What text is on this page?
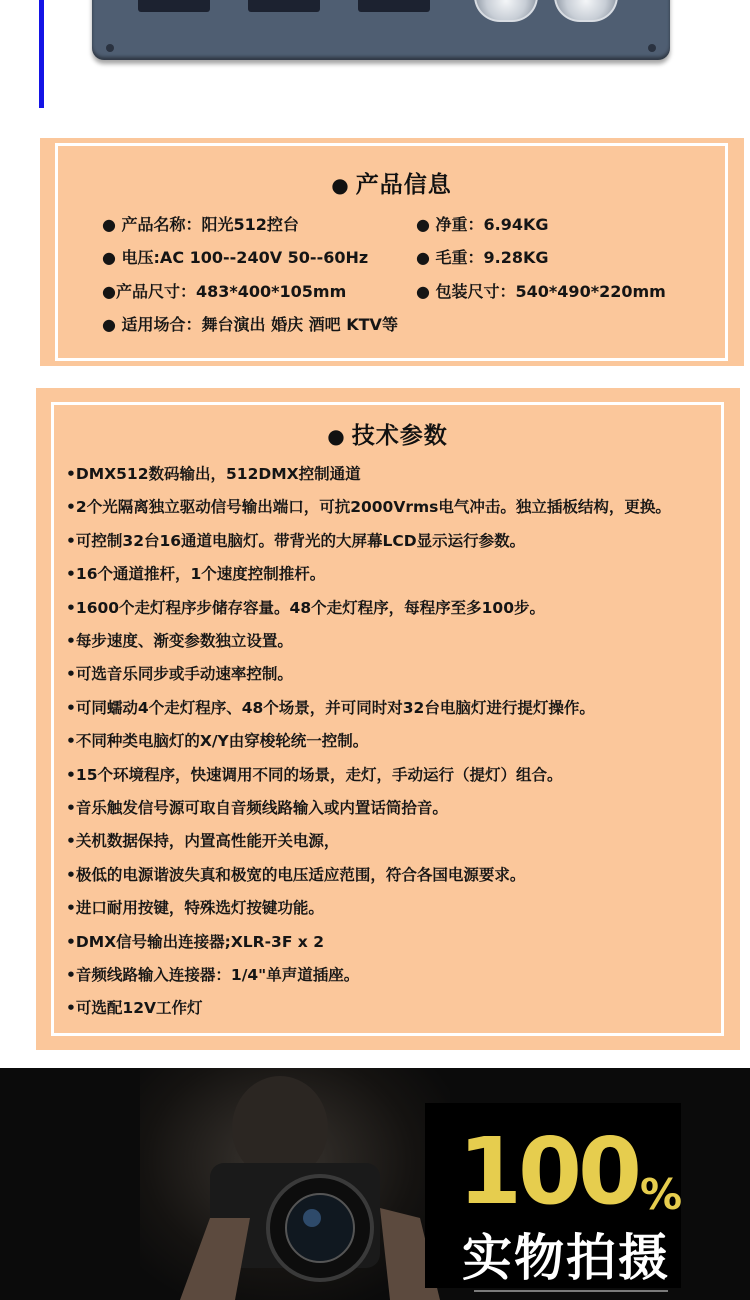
● 产品信息
● 产品名称：阳光512控台
● 电压:AC 100--240V 50--60Hz
●产品尺寸：483*400*105mm
● 适用场合：舞台演出 婚庆 酒吧 KTV等
● 净重：6.94KG
● 毛重：9.28KG
● 包装尺寸：540*490*220mm
● 技术参数
•DMX512数码输出，512DMX控制通道
•2个光隔离独立驱动信号输出端口，可抗2000Vrms电气冲击。独立插板结构，更换。
•可控制32台16通道电脑灯。带背光的大屏幕LCD显示运行参数。
•16个通道推杆，1个速度控制推杆。
•1600个走灯程序步储存容量。48个走灯程序，每程序至多100步。
•每步速度、渐变参数独立设置。
•可选音乐同步或手动速率控制。
•可同蠕动4个走灯程序、48个场景，并可同时对32台电脑灯进行提灯操作。
•不同种类电脑灯的X/Y由穿梭轮统一控制。
•15个环境程序，快速调用不同的场景，走灯，手动运行（提灯）组合。
•音乐触发信号源可取自音频线路输入或内置话筒拾音。
•关机数据保持，内置高性能开关电源，
•极低的电源谐波失真和极宽的电压适应范围，符合各国电源要求。
•进口耐用按键，特殊选灯按键功能。
•DMX信号输出连接器;XLR-3F x 2
•音频线路输入连接器：1/4"单声道插座。
•可选配12V工作灯
100 %
实物拍摄
